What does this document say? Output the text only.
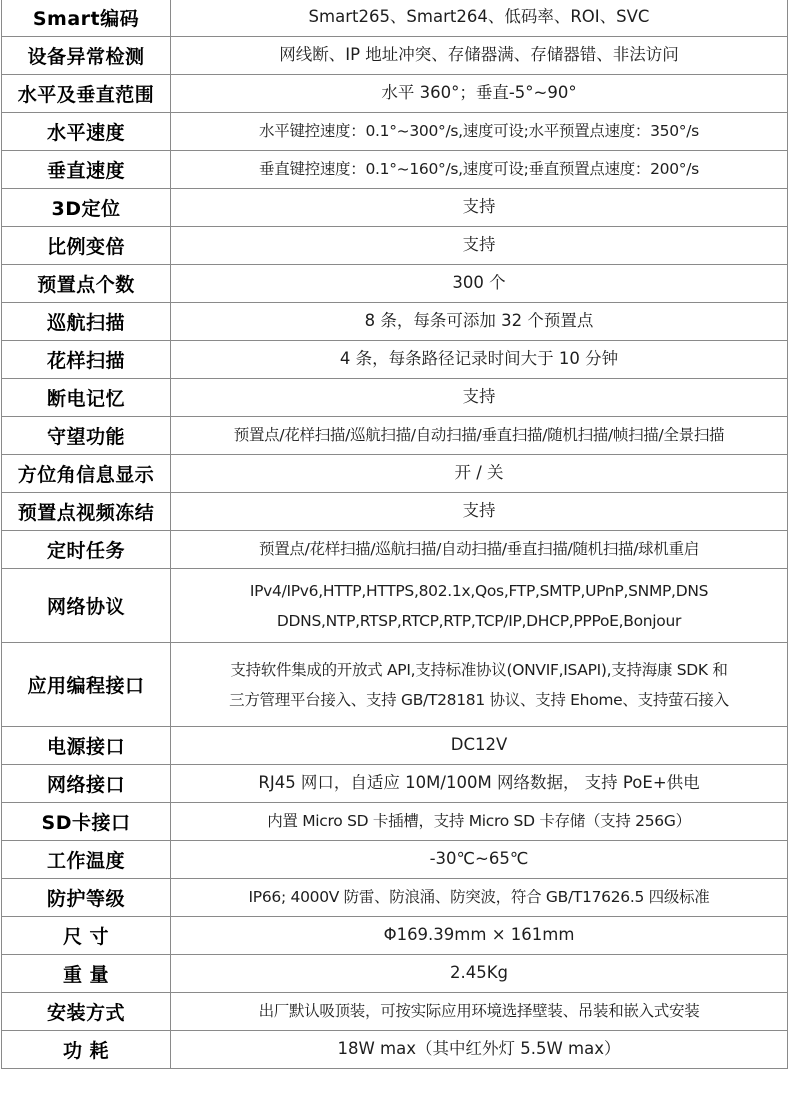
Smart编码	Smart265、Smart264、低码率、ROI、SVC
设备异常检测	网线断、IP 地址冲突、存储器满、存储器错、非法访问
水平及垂直范围	水平 360°；垂直-5°~90°
水平速度	水平键控速度：0.1°~300°/s,速度可设;水平预置点速度：350°/s
垂直速度	垂直键控速度：0.1°~160°/s,速度可设;垂直预置点速度：200°/s
3D定位	支持
比例变倍	支持
预置点个数	300 个
巡航扫描	8 条，每条可添加 32 个预置点
花样扫描	4 条，每条路径记录时间大于 10 分钟
断电记忆	支持
守望功能	预置点/花样扫描/巡航扫描/自动扫描/垂直扫描/随机扫描/帧扫描/全景扫描
方位角信息显示	开 / 关
预置点视频冻结	支持
定时任务	预置点/花样扫描/巡航扫描/自动扫描/垂直扫描/随机扫描/球机重启
网络协议	IPv4/IPv6,HTTP,HTTPS,802.1x,Qos,FTP,SMTP,UPnP,SNMP,DNS
DDNS,NTP,RTSP,RTCP,RTP,TCP/IP,DHCP,PPPoE,Bonjour

应用编程接口	支持软件集成的开放式 API,支持标准协议(ONVIF,ISAPI),支持海康 SDK 和
三方管理平台接入、支持 GB/T28181 协议、支持 Ehome、支持萤石接入

电源接口	DC12V
网络接口	RJ45 网口，自适应 10M/100M 网络数据， 支持 PoE+供电
SD卡接口	内置 Micro SD 卡插槽，支持 Micro SD 卡存储（支持 256G）
工作温度	-30℃~65℃
防护等级	IP66; 4000V 防雷、防浪涌、防突波，符合 GB/T17626.5 四级标准
尺 寸	Φ169.39mm × 161mm
重 量	2.45Kg
安装方式	出厂默认吸顶装，可按实际应用环境选择壁装、吊装和嵌入式安装
功 耗	18W max（其中红外灯 5.5W max）
